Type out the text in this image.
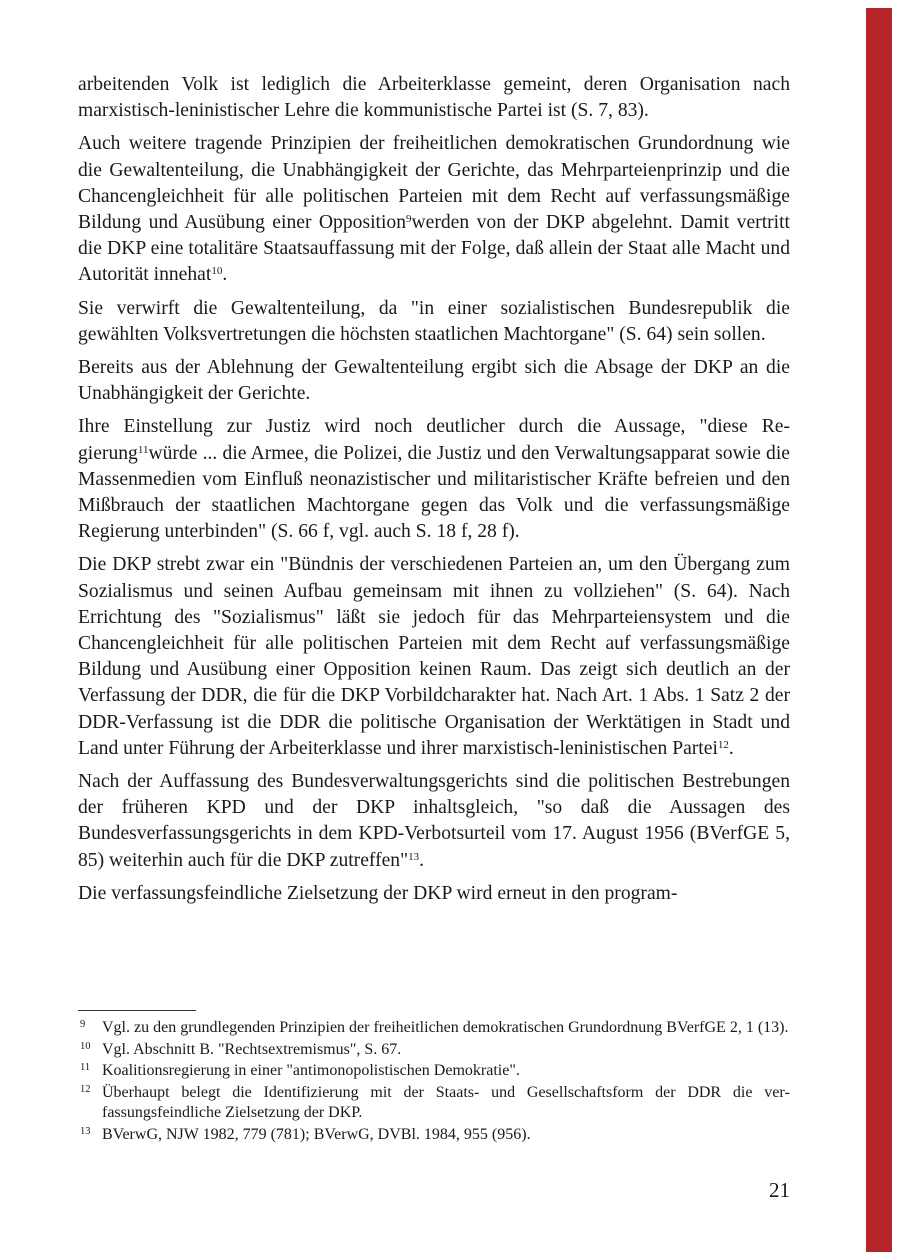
arbeitenden Volk ist lediglich die Arbeiterklasse gemeint, deren Organisation nach marxistisch-leninistischer Lehre die kommunistische Partei ist (S. 7, 83).

Auch weitere tragende Prinzipien der freiheitlichen demokratischen Grundordnung wie die Gewaltenteilung, die Unabhängigkeit der Gerichte, das Mehrparteienprinzip und die Chancengleichheit für alle politischen Parteien mit dem Recht auf verfassungsmäßige Bildung und Ausübung einer Opposition$^9$werden von der DKP abgelehnt. Damit vertritt die DKP eine totalitäre Staatsauffassung mit der Folge, daß allein der Staat alle Macht und Autorität innehat$^{10}$.

Sie verwirft die Gewaltenteilung, da "in einer sozialistischen Bundesrepublik die gewählten Volksvertretungen die höchsten staatlichen Machtorgane" (S. 64) sein sollen.

Bereits aus der Ablehnung der Gewaltenteilung ergibt sich die Absage der DKP an die Unabhängigkeit der Gerichte.

Ihre Einstellung zur Justiz wird noch deutlicher durch die Aussage, "diese Regierung$^{11}$würde ... die Armee, die Polizei, die Justiz und den Verwaltungsapparat sowie die Massenmedien vom Einfluß neonazistischer und militaristischer Kräfte befreien und den Mißbrauch der staatlichen Machtorgane gegen das Volk und die verfassungsmäßige Regierung unterbinden" (S. 66 f, vgl. auch S. 18 f, 28 f).

Die DKP strebt zwar ein "Bündnis der verschiedenen Parteien an, um den Übergang zum Sozialismus und seinen Aufbau gemeinsam mit ihnen zu vollziehen" (S. 64). Nach Errichtung des "Sozialismus" läßt sie jedoch für das Mehrparteiensystem und die Chancengleichheit für alle politischen Parteien mit dem Recht auf verfassungsmäßige Bildung und Ausübung einer Opposition keinen Raum. Das zeigt sich deutlich an der Verfassung der DDR, die für die DKP Vorbildcharakter hat. Nach Art. 1 Abs. 1 Satz 2 der DDR-Verfassung ist die DDR die politische Organisation der Werktätigen in Stadt und Land unter Führung der Arbeiterklasse und ihrer marxistisch-leninistischen Partei$^{12}$.

Nach der Auffassung des Bundesverwaltungsgerichts sind die politischen Bestrebungen der früheren KPD und der DKP inhaltsgleich, "so daß die Aussagen des Bundesverfassungsgerichts in dem KPD-Verbotsurteil vom 17. August 1956 (BVerfGE 5, 85) weiterhin auch für die DKP zutreffen"$^{13}$.

Die verfassungsfeindliche Zielsetzung der DKP wird erneut in den program-

9 Vgl. zu den grundlegenden Prinzipien der freiheitlichen demokratischen Grundordnung BVerfGE 2, 1 (13).
10 Vgl. Abschnitt B. "Rechtsextremismus", S. 67.
11 Koalitionsregierung in einer "antimonopolistischen Demokratie".
12 Überhaupt belegt die Identifizierung mit der Staats- und Gesellschaftsform der DDR die verfassungsfeindliche Zielsetzung der DKP.
13 BVerwG, NJW 1982, 779 (781); BVerwG, DVBl. 1984, 955 (956).
21
